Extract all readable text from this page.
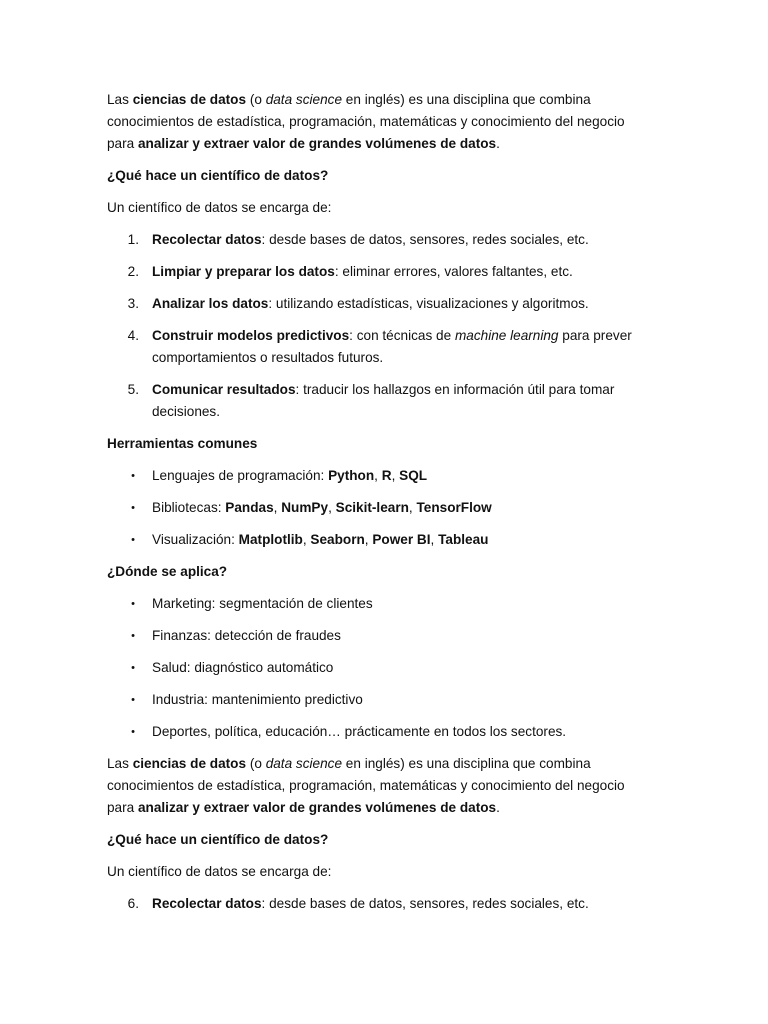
Las ciencias de datos (o data science en inglés) es una disciplina que combina conocimientos de estadística, programación, matemáticas y conocimiento del negocio para analizar y extraer valor de grandes volúmenes de datos.

¿Qué hace un científico de datos?

Un científico de datos se encarga de:

1. Recolectar datos: desde bases de datos, sensores, redes sociales, etc.
2. Limpiar y preparar los datos: eliminar errores, valores faltantes, etc.
3. Analizar los datos: utilizando estadísticas, visualizaciones y algoritmos.
4. Construir modelos predictivos: con técnicas de machine learning para prever comportamientos o resultados futuros.
5. Comunicar resultados: traducir los hallazgos en información útil para tomar decisiones.

Herramientas comunes

• Lenguajes de programación: Python, R, SQL
• Bibliotecas: Pandas, NumPy, Scikit-learn, TensorFlow
• Visualización: Matplotlib, Seaborn, Power BI, Tableau

¿Dónde se aplica?

• Marketing: segmentación de clientes
• Finanzas: detección de fraudes
• Salud: diagnóstico automático
• Industria: mantenimiento predictivo
• Deportes, política, educación… prácticamente en todos los sectores.

Las ciencias de datos (o data science en inglés) es una disciplina que combina conocimientos de estadística, programación, matemáticas y conocimiento del negocio para analizar y extraer valor de grandes volúmenes de datos.

¿Qué hace un científico de datos?

Un científico de datos se encarga de:

6. Recolectar datos: desde bases de datos, sensores, redes sociales, etc.
